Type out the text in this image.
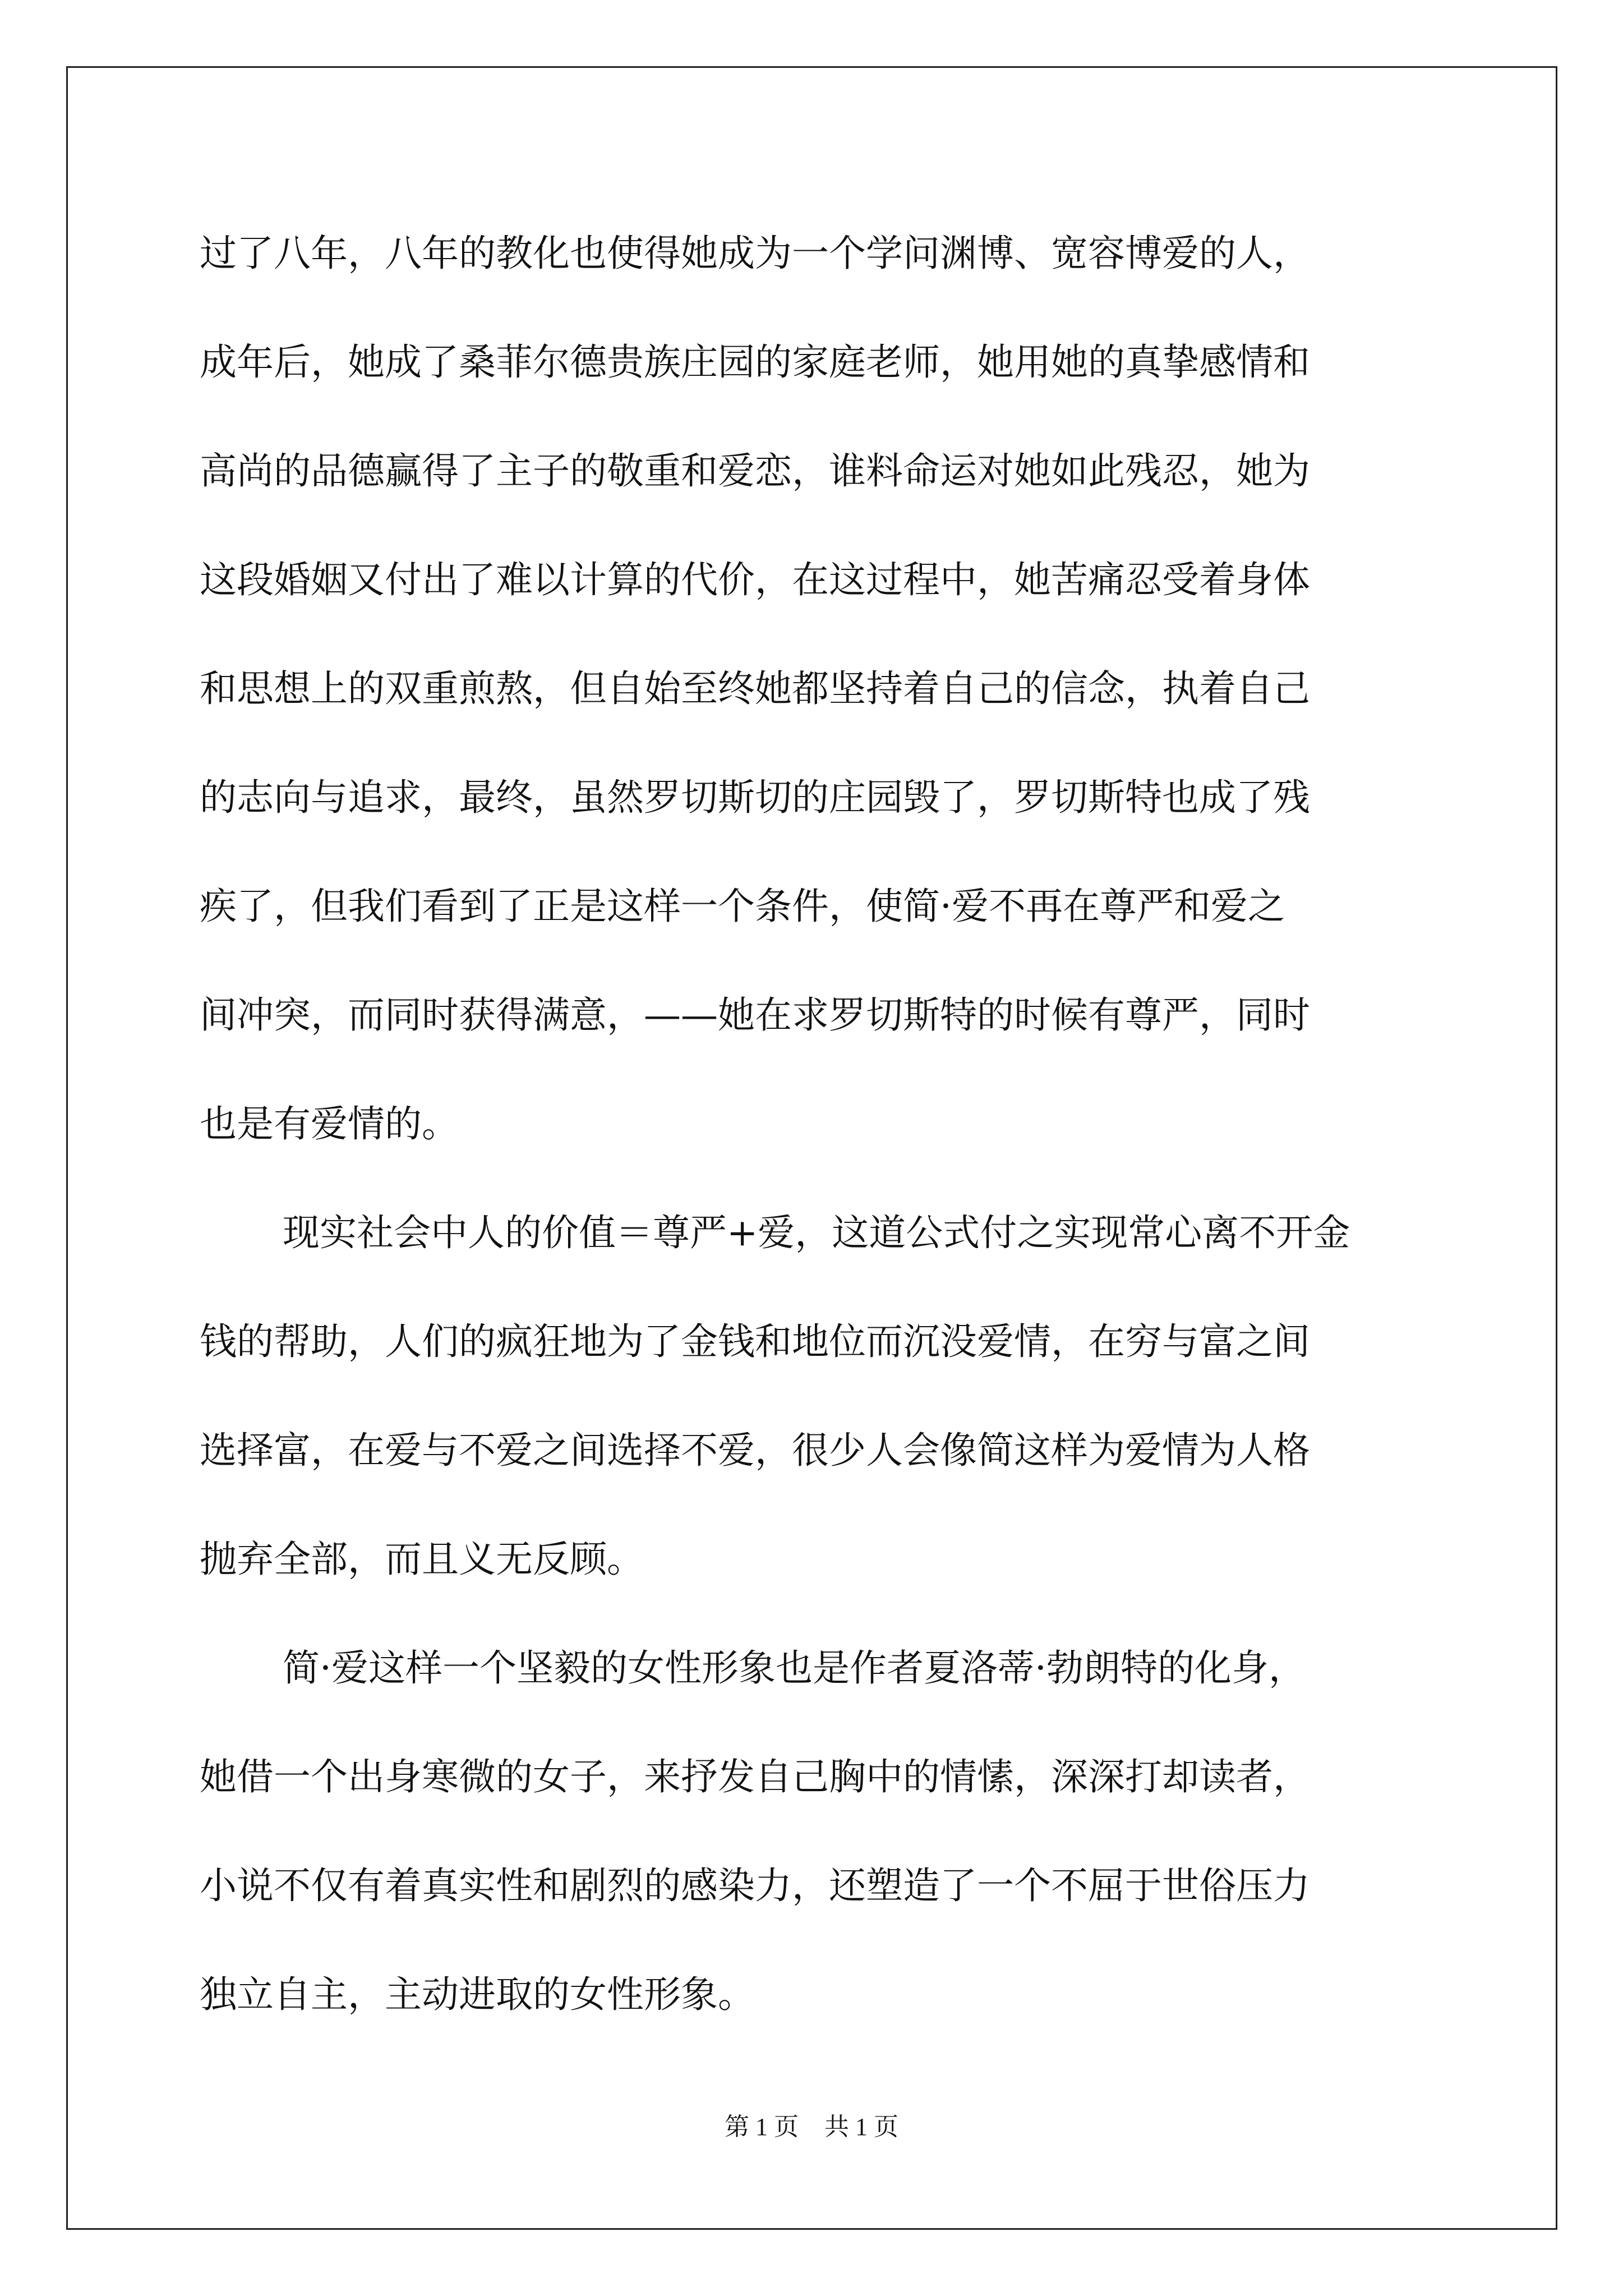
过了八年，八年的教化也使得她成为一个学问渊博、宽容博爱的人，
成年后，她成了桑菲尔德贵族庄园的家庭老师，她用她的真挚感情和
高尚的品德赢得了主子的敬重和爱恋，谁料命运对她如此残忍，她为
这段婚姻又付出了难以计算的代价，在这过程中，她苦痛忍受着身体
和思想上的双重煎熬，但自始至终她都坚持着自己的信念，执着自己
的志向与追求，最终，虽然罗切斯切的庄园毁了，罗切斯特也成了残
疾了，但我们看到了正是这样一个条件，使简·爱不再在尊严和爱之
间冲突，而同时获得满意，——她在求罗切斯特的时候有尊严，同时
也是有爱情的。
现实社会中人的价值＝尊严+爱，这道公式付之实现常心离不开金
钱的帮助，人们的疯狂地为了金钱和地位而沉没爱情，在穷与富之间
选择富，在爱与不爱之间选择不爱，很少人会像简这样为爱情为人格
抛弃全部，而且义无反顾。
简·爱这样一个坚毅的女性形象也是作者夏洛蒂·勃朗特的化身，
她借一个出身寒微的女子，来抒发自己胸中的情愫，深深打却读者，
小说不仅有着真实性和剧烈的感染力，还塑造了一个不屈于世俗压力
独立自主，主动进取的女性形象。
第 1 页 共 1 页
